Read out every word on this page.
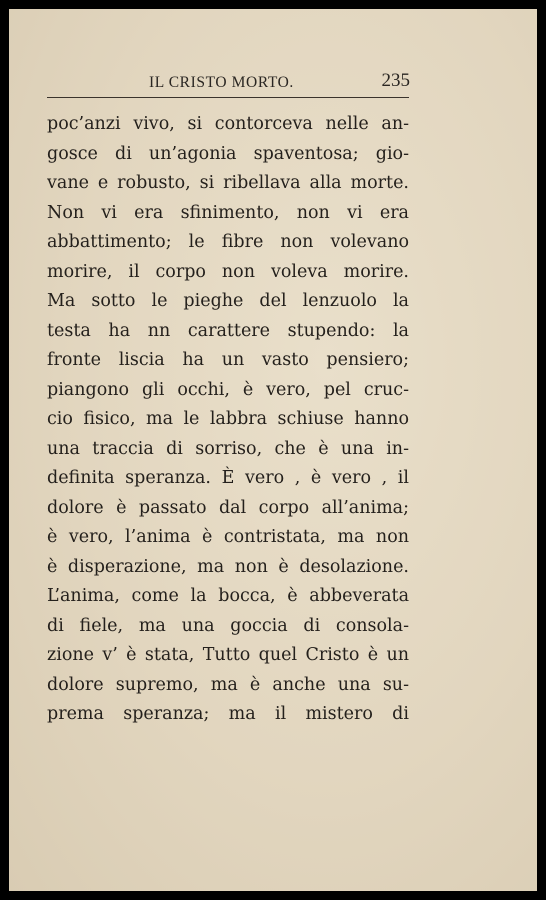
IL CRISTO MORTO.	235
poc’anzi vivo, si contorceva nelle an-
gosce di un’agonia spaventosa; gio-
vane e robusto, si ribellava alla morte.
Non vi era sfinimento, non vi era
abbattimento; le fibre non volevano
morire, il corpo non voleva morire.
Ma sotto le pieghe del lenzuolo la
testa ha nn carattere stupendo: la
fronte liscia ha un vasto pensiero;
piangono gli occhi, è vero, pel cruc-
cio fisico, ma le labbra schiuse hanno
una traccia di sorriso, che è una in-
definita speranza. È vero , è vero , il
dolore è passato dal corpo all’anima;
è vero, l’anima è contristata, ma non
è disperazione, ma non è desolazione.
L’anima, come la bocca, è abbeverata
di fiele, ma una goccia di consola-
zione v’ è stata, Tutto quel Cristo è un
dolore supremo, ma è anche una su-
prema speranza; ma il mistero di
